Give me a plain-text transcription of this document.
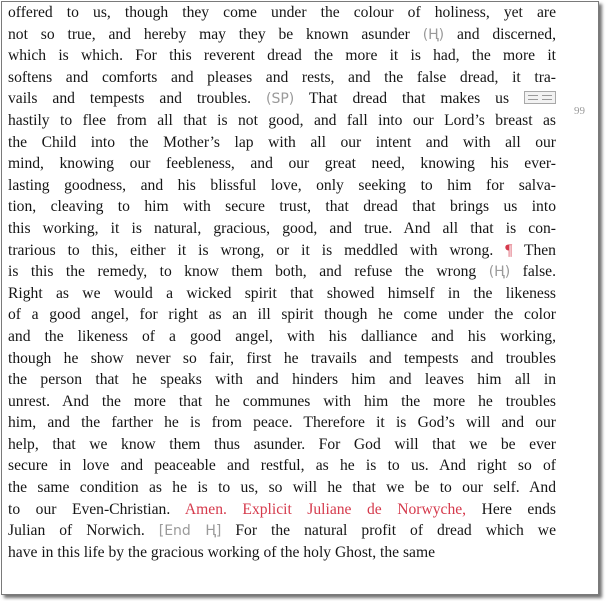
offered to us, though they come under the colour of holiness, yet are
not so true, and hereby may they be known asunder (Ⱨ) and discerned,
which is which. For this reverent dread the more it is had, the more it
softens and comforts and pleases and rests, and the false dread, it tra-
vails and tempests and troubles. (SP) That dread that makes us
hastily to flee from all that is not good, and fall into our Lord’s breast as
the Child into the Mother’s lap with all our intent and with all our
mind, knowing our feebleness, and our great need, knowing his ever-
lasting goodness, and his blissful love, only seeking to him for salva-
tion, cleaving to him with secure trust, that dread that brings us into
this working, it is natural, gracious, good, and true. And all that is con-
trarious to this, either it is wrong, or it is meddled with wrong. ¶ Then
is this the remedy, to know them both, and refuse the wrong (Ⱨ) false.
Right as we would a wicked spirit that showed himself in the likeness
of a good angel, for right as an ill spirit though he come under the color
and the likeness of a good angel, with his dalliance and his working,
though he show never so fair, first he travails and tempests and troubles
the person that he speaks with and hinders him and leaves him all in
unrest. And the more that he communes with him the more he troubles
him, and the farther he is from peace. Therefore it is God’s will and our
help, that we know them thus asunder. For God will that we be ever
secure in love and peaceable and restful, as he is to us. And right so of
the same condition as he is to us, so will he that we be to our self. And
to our Even-Christian. Amen. Explicit Juliane de Norwyche, Here ends
Julian of Norwich. [End Ⱨ] For the natural profit of dread which we
have in this life by the gracious working of the holy Ghost, the same
99
